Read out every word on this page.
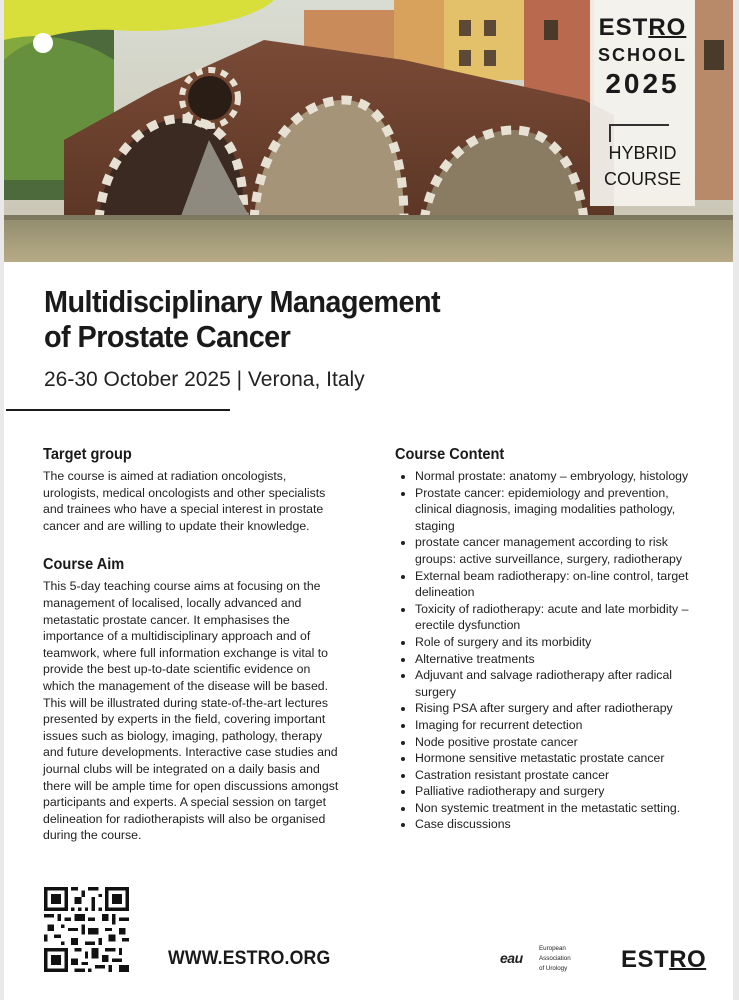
ESTRO
SCHOOL
2025
HYBRID
COURSE
Multidisciplinary Management
of Prostate Cancer
26-30 October 2025 | Verona, Italy
Target group

The course is aimed at radiation oncologists, urologists, medical oncologists and other specialists and trainees who have a special interest in prostate cancer and are willing to update their knowledge.

Course Aim

This 5-day teaching course aims at focusing on the management of localised, locally advanced and metastatic prostate cancer. It emphasises the importance of a multidisciplinary approach and of teamwork, where full information exchange is vital to provide the best up-to-date scientific evidence on which the management of the disease will be based. This will be illustrated during state-of-the-art lectures presented by experts in the field, covering important issues such as biology, imaging, pathology, therapy and future developments. Interactive case studies and journal clubs will be integrated on a daily basis and there will be ample time for open discussions amongst participants and experts. A special session on target delineation for radiotherapists will also be organised during the course.

Course Content
Normal prostate: anatomy – embryology, histology
Prostate cancer: epidemiology and prevention, clinical diagnosis, imaging modalities pathology, staging
prostate cancer management according to risk groups: active surveillance, surgery, radiotherapy
External beam radiotherapy: on-line control, target delineation
Toxicity of radiotherapy: acute and late morbidity – erectile dysfunction
Role of surgery and its morbidity
Alternative treatments
Adjuvant and salvage radiotherapy after radical surgery
Rising PSA after surgery and after radiotherapy
Imaging for recurrent detection
Node positive prostate cancer
Hormone sensitive metastatic prostate cancer
Castration resistant prostate cancer
Palliative radiotherapy and surgery
Non systemic treatment in the metastatic setting.
Case discussions
WWW.ESTRO.ORG	eau
European
Association
of Urology ESTRO
